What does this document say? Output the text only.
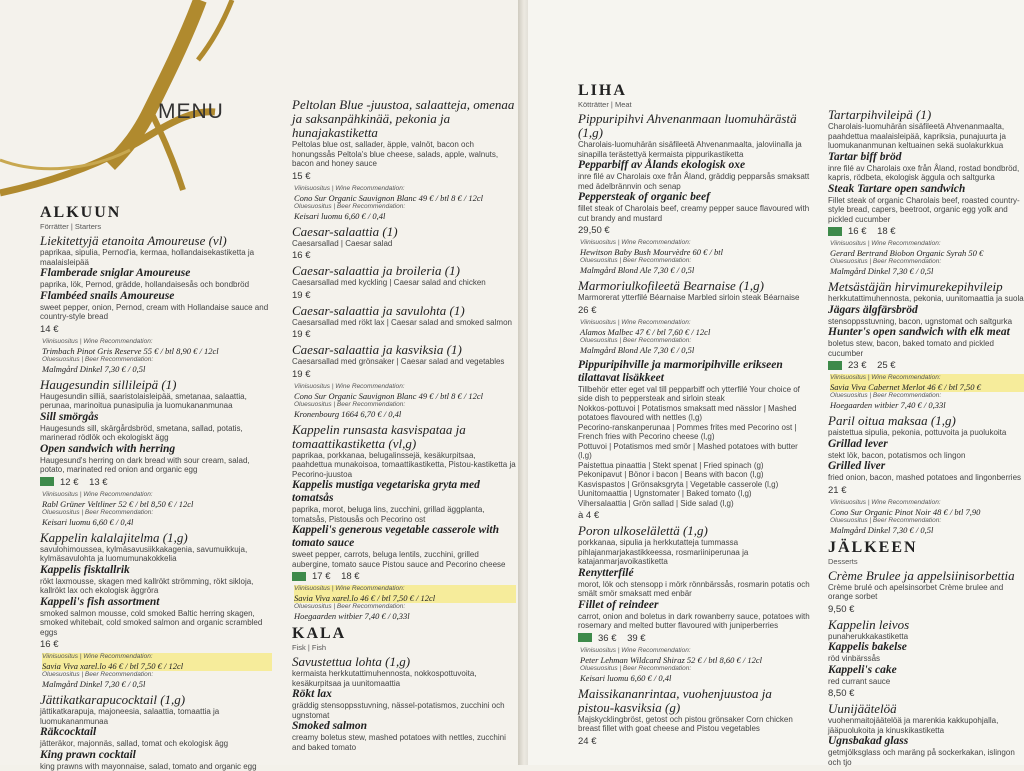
MENU
ALKUUN
Förrätter | Starters
Liekitettyjä etanoita Amoureuse (vl)
paprikaa, sipulia, Pernod'ia, kermaa, hollandaisekastiketta ja maalaisleipää
Flamberade sniglar Amoureuse
paprika, lök, Pernod, grädde, hollandaisesås och bondbröd
Flambéed snails Amoureuse
sweet pepper, onion, Pernod, cream with Hollandaise sauce and country-style bread
14 €
Viinisuositus | Wine Recommendation:
Trimbach Pinot Gris Reserve 55 € / btl 8,90 € / 12cl
Oluesuositus | Beer Recommendation:
Malmgård Dinkel 7,30 € / 0,5l
Haugesundin sillileipä (1)
Haugesundin silliä, saaristolaisleipää, smetanaa, salaattia, perunaa, marinoitua punasipulia ja luomukananmunaa
Sill smörgås
Haugesunds sill, skärgårdsbröd, smetana, sallad, potatis, marinerad rödlök och ekologiskt ägg
Open sandwich with herring
Haugesund's herring on dark bread with sour cream, salad, potato, marinated red onion and organic egg
12 € 13 €
Viinisuositus | Wine Recommendation:
Rabl Grüner Veltliner 52 € / btl 8,50 € / 12cl
Oluesuositus | Beer Recommendation:
Keisari luomu 6,60 € / 0,4l
Kappelin kalalajitelma (1,g)
savulohimoussea, kylmäsavusiikkakagenia, savumuikkuja, kylmäsavulohta ja luomumunakokkelia
Kappelis fisktallrik
rökt laxmousse, skagen med kallrökt strömming, rökt sikloja, kallrökt lax och ekologisk äggröra
Kappeli's fish assortment
smoked salmon mousse, cold smoked Baltic herring skagen, smoked whitebait, cold smoked salmon and organic scrambled eggs
16 €
Viinisuositus | Wine Recommendation:
Savia Viva xarel.lo 46 € / btl 7,50 € / 12cl
Oluesuositus | Beer Recommendation:
Malmgård Dinkel 7,30 € / 0,5l
Jättikatkarapucocktail (1,g)
jättikatkarapuja, majoneesia, salaattia, tomaattia ja luomukananmunaa
Räkcocktail
jätteräkor, majonnäs, sallad, tomat och ekologisk ägg
King prawn cocktail
king prawns with mayonnaise, salad, tomato and organic egg
Peltolan Blue -juustoa, salaatteja, omenaa ja saksanpähkinää, pekonia ja hunajakastiketta
Peltolas blue ost, sallader, äpple, valnöt, bacon och honungssås Peltola's blue cheese, salads, apple, walnuts, bacon and honey sauce
15 €
Viinisuositus | Wine Recommendation:
Cono Sur Organic Sauvignon Blanc 49 € / btl 8 € / 12cl
Oluesuositus | Beer Recommendation:
Keisari luomu 6,60 € / 0,4l
Caesar-salaattia (1)
Caesarsallad | Caesar salad
16 €
Caesar-salaattia ja broileria (1)
Caesarsallad med kyckling | Caesar salad and chicken
19 €
Caesar-salaattia ja savulohta (1)
Caesarsallad med rökt lax | Caesar salad and smoked salmon
19 €
Caesar-salaattia ja kasviksia (1)
Caesarsallad med grönsaker | Caesar salad and vegetables
19 €
Viinisuositus | Wine Recommendation:
Cono Sur Organic Sauvignon Blanc 49 € / btl 8 € / 12cl
Oluesuositus | Beer Recommendation:
Kronenbourg 1664 6,70 € / 0,4l
Kappelin runsasta kasvispataa ja tomaattikastiketta (vl,g)
paprikaa, porkkanaa, belugalinssejä, kesäkurpitsaa, paahdettua munakoisoa, tomaattikastiketta, Pistou-kastiketta ja Pecorino-juustoa
Kappelis mustiga vegetariska gryta med tomatsås
paprika, morot, beluga lins, zucchini, grillad äggplanta, tomatsås, Pistousås och Pecorino ost
Kappeli's generous vegetable casserole with tomato sauce
sweet pepper, carrots, beluga lentils, zucchini, grilled aubergine, tomato sauce Pistou sauce and Pecorino cheese
17 € 18 €
Viinisuositus | Wine Recommendation:
Savia Viva xarel.lo 46 € / btl 7,50 € / 12cl
Oluesuositus | Beer Recommendation:
Hoegaarden witbier 7,40 € / 0,33l
KALA
Fisk | Fish
Savustettua lohta (1,g)
kermaista herkkutattimuhennosta, nokkospottuvoita, kesäkurpitsaa ja uunitomaattia
Rökt lax
gräddig stensoppsstuvning, nässel-potatismos, zucchini och ugnstomat
Smoked salmon
creamy boletus stew, mashed potatoes with nettles, zucchini and baked tomato
LIHA
Kötträtter | Meat
Pippuripihvi Ahvenanmaan luomuhärästä (1,g)
Charolais-luomuhärän sisäfileetä Ahvenanmaalta, jaloviinalla ja sinapilla terästettyä kermaista pippurikastiketta
Pepparbiff av Ålands ekologisk oxe
inre filé av Charolais oxe från Åland, gräddig pepparsås smaksatt med ädelbrännvin och senap
Peppersteak of organic beef
fillet steak of Charolais beef, creamy pepper sauce flavoured with cut brandy and mustard
29,50 €
Viinisuositus | Wine Recommendation:
Hewitson Baby Bush Mourvèdre 60 € / btl
Oluesuositus | Beer Recommendation:
Malmgård Blond Ale 7,30 € / 0,5l
Marmoriulkofileetä Bearnaise (1,g)
Marmorerat ytterfilé Béarnaise Marbled sirloin steak Béarnaise
26 €
Viinisuositus | Wine Recommendation:
Alamos Malbec 47 € / btl 7,60 € / 12cl
Oluesuositus | Beer Recommendation:
Malmgård Blond Ale 7,30 € / 0,5l
Pippuripihville ja marmoripihville erikseen tilattavat lisäkkeet
Tillbehör etter eget val till pepparbiff och ytterfilé Your choice of side dish to peppersteak and sirloin steak
Nokkos-pottuvoi | Potatismos smaksatt med nässlor | Mashed potatoes flavoured with nettles (l,g)
Pecorino-ranskanperunaa | Pommes frites med Pecorino ost | French fries with Pecorino cheese (l,g)
Pottuvoi | Potatismos med smör | Mashed potatoes with butter (l,g)
Paistettua pinaattia | Stekt spenat | Fried spinach (g)
Pekonipavut | Bönor i bacon | Beans with bacon (l,g)
Kasvispastos | Grönsaksgryta | Vegetable casserole (l,g)
Uunitomaattia | Ugnstomater | Baked tomato (l,g)
Vihersalaattia | Grön sallad | Side salad (l,g)
à 4 €
Poron ulkoselälettä (1,g)
porkkanaa, sipulia ja herkkutatteja tummassa pihlajanmarjakastikkeessa, rosmariiniperunaa ja katajanmarjavoikastiketta
Renytterfilé
morot, lök och stensopp i mörk rönnbärssås, rosmarin potatis och smält smör smaksatt med enbär
Fillet of reindeer
carrot, onion and boletus in dark rowanberry sauce, potatoes with rosemary and melted butter flavoured with juniperberries
36 € 39 €
Viinisuositus | Wine Recommendation:
Peter Lehman Wildcard Shiraz 52 € / btl 8,60 € / 12cl
Oluesuositus | Beer Recommendation:
Keisari luomu 6,60 € / 0,4l
Maissikananrintaa, vuohenjuustoa ja pistou-kasviksia (g)
Majskycklingbröst, getost och pistou grönsaker Corn chicken breast fillet with goat cheese and Pistou vegetables
24 €
Tartarpihvileipä (1)
Charolais-luomuhärän sisäfileetä Ahvenanmaalta, paahdettua maalaisleipää, kapriksia, punajuurta ja luomukananmunan keltuainen sekä suolakurkkua
Tartar biff bröd
inre filé av Charolais oxe från Åland, rostad bondbröd, kapris, rödbeta, ekologisk äggula och saltgurka
Steak Tartare open sandwich
Fillet steak of organic Charolais beef, roasted country-style bread, capers, beetroot, organic egg yolk and pickled cucumber
16 € 18 €
Viinisuositus | Wine Recommendation:
Gerard Bertrand Biobon Organic Syrah 50 €
Oluesuositus | Beer Recommendation:
Malmgård Dinkel 7,30 € / 0,5l
Metsästäjän hirvimurekepihvileip
herkkutattimuhennosta, pekonia, uunitomaattia ja suola
Jägars älgfärsbröd
stensoppsstuvning, bacon, ugnstomat och saltgurka
Hunter's open sandwich with elk meat
boletus stew, bacon, baked tomato and pickled cucumber
23 € 25 €
Viinisuositus | Wine Recommendation:
Savia Viva Cabernet Merlot 46 € / btl 7,50 €
Oluesuositus | Beer Recommendation:
Hoegaarden witbier 7,40 € / 0,33l
Paril oitua maksaa (1,g)
paistettua sipulia, pekonia, pottuvoita ja puolukoita
Grillad lever
stekt lök, bacon, potatismos och lingon
Grilled liver
fried onion, bacon, mashed potatoes and lingonberries
21 €
Viinisuositus | Wine Recommendation:
Cono Sur Organic Pinot Noir 48 € / btl 7,90
Oluesuositus | Beer Recommendation:
Malmgård Dinkel 7,30 € / 0,5l
JÄLKEEN
Desserts
Crème Brulee ja appelsiinisorbettia
Crème brulé och apelsinsorbet Crème brulee and orange sorbet
9,50 €
Kappelin leivos
punaherukkakastiketta
Kappelis bakelse
röd vinbärssås
Kappeli's cake
red currant sauce
8,50 €
Uunijäätelöä
vuohenmaitojäätelöä ja marenkia kakkupohjalla, jääpuolukoita ja kinuskikastiketta
Ugnsbakad glass
getmjölksglass och maräng på sockerkakan, islingon och tjo
